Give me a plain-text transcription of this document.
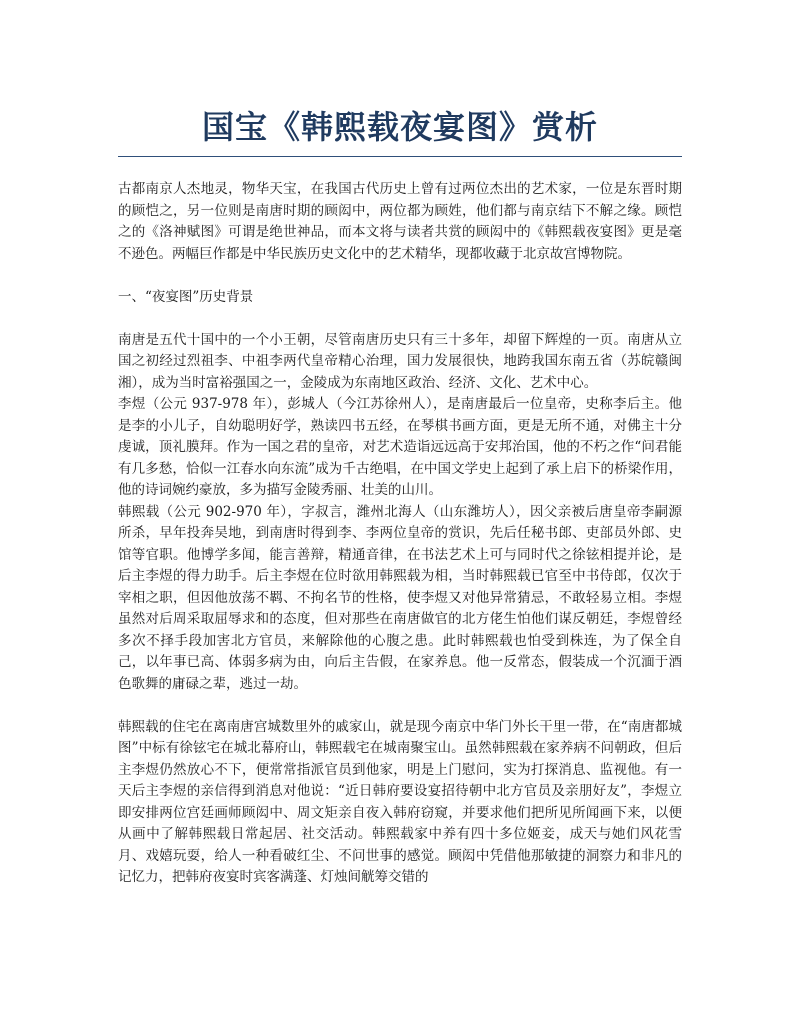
国宝《韩熙载夜宴图》赏析

古都南京人杰地灵，物华天宝，在我国古代历史上曾有过两位杰出的艺术家，一位是东晋时期的顾恺之，另一位则是南唐时期的顾闳中，两位都为顾姓，他们都与南京结下不解之缘。顾恺之的《洛神赋图》可谓是绝世神品，而本文将与读者共赏的顾闳中的《韩熙载夜宴图》更是毫不逊色。两幅巨作都是中华民族历史文化中的艺术精华，现都收藏于北京故宫博物院。

一、“夜宴图”历史背景

南唐是五代十国中的一个小王朝，尽管南唐历史只有三十多年，却留下辉煌的一页。南唐从立国之初经过烈祖李、中祖李两代皇帝精心治理，国力发展很快，地跨我国东南五省（苏皖赣闽湘），成为当时富裕强国之一，金陵成为东南地区政治、经济、文化、艺术中心。

李煜（公元 937-978 年），彭城人（今江苏徐州人），是南唐最后一位皇帝，史称李后主。他是李的小儿子，自幼聪明好学，熟读四书五经，在琴棋书画方面，更是无所不通，对佛主十分虔诚，顶礼膜拜。作为一国之君的皇帝，对艺术造诣远远高于安邦治国，他的不朽之作“问君能有几多愁，恰似一江春水向东流”成为千古绝唱，在中国文学史上起到了承上启下的桥梁作用，他的诗词婉约豪放，多为描写金陵秀丽、壮美的山川。

韩熙载（公元 902-970 年），字叔言，潍州北海人（山东潍坊人），因父亲被后唐皇帝李嗣源所杀，早年投奔吴地，到南唐时得到李、李两位皇帝的赏识，先后任秘书郎、吏部员外郎、史馆等官职。他博学多闻，能言善辩，精通音律，在书法艺术上可与同时代之徐铉相提并论，是后主李煜的得力助手。后主李煜在位时欲用韩熙载为相，当时韩熙载已官至中书侍郎，仅次于宰相之职，但因他放荡不羁、不拘名节的性格，使李煜又对他异常猜忌，不敢轻易立相。李煜虽然对后周采取屈辱求和的态度，但对那些在南唐做官的北方佬生怕他们谋反朝廷，李煜曾经多次不择手段加害北方官员，来解除他的心腹之患。此时韩熙载也怕受到株连，为了保全自己，以年事已高、体弱多病为由，向后主告假，在家养息。他一反常态，假装成一个沉湎于酒色歌舞的庸碌之辈，逃过一劫。

韩熙载的住宅在离南唐宫城数里外的戚家山，就是现今南京中华门外长干里一带，在“南唐都城图”中标有徐铉宅在城北幕府山，韩熙载宅在城南聚宝山。虽然韩熙载在家养病不问朝政，但后主李煜仍然放心不下，便常常指派官员到他家，明是上门慰问，实为打探消息、监视他。有一天后主李煜的亲信得到消息对他说：“近日韩府要设宴招待朝中北方官员及亲朋好友”，李煜立即安排两位宫廷画师顾闳中、周文矩亲自夜入韩府窃窥，并要求他们把所见所闻画下来，以便从画中了解韩熙载日常起居、社交活动。韩熙载家中养有四十多位姬妾，成天与她们风花雪月、戏嬉玩耍，给人一种看破红尘、不问世事的感觉。顾闳中凭借他那敏捷的洞察力和非凡的记忆力，把韩府夜宴时宾客满蓬、灯烛间觥筹交错的
